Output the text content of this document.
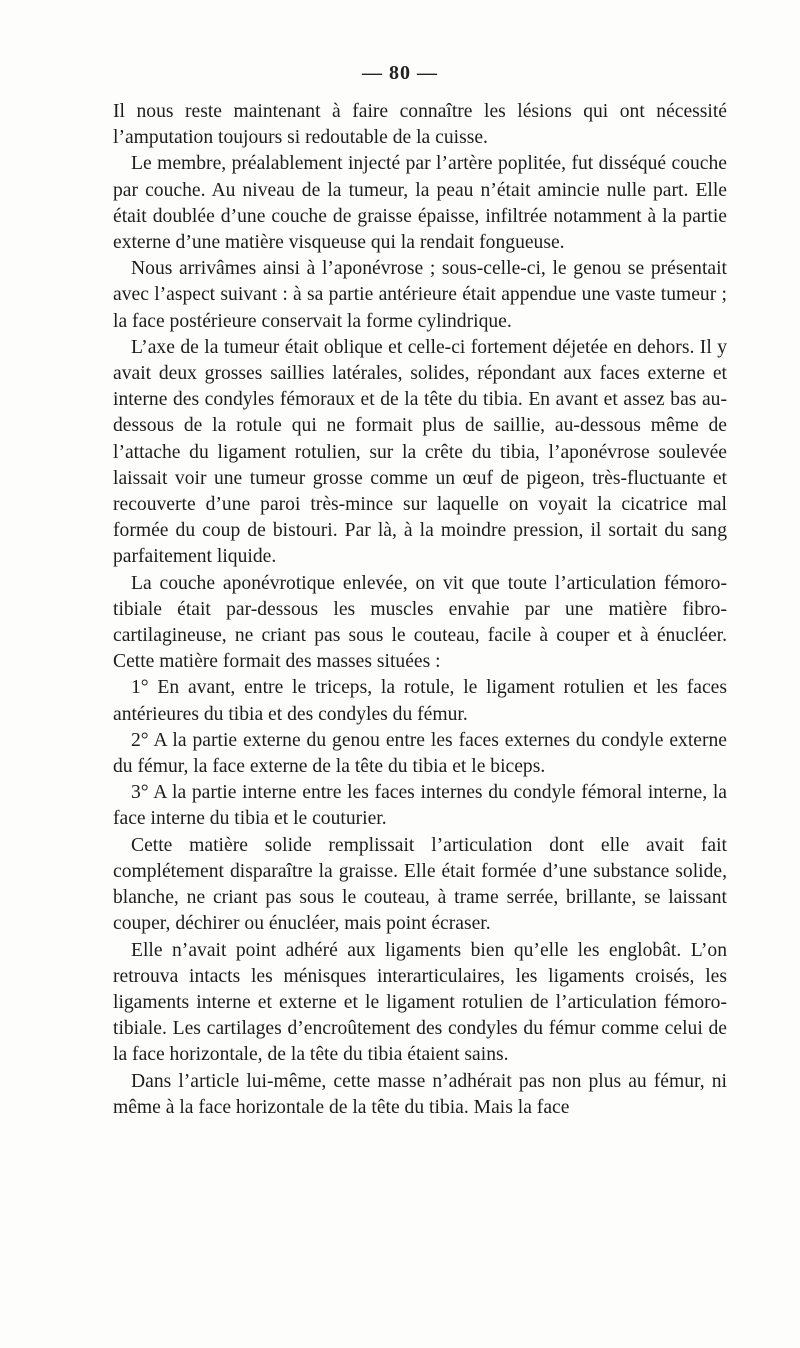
— 80 —

Il nous reste maintenant à faire connaître les lésions qui ont nécessité l’amputation toujours si redoutable de la cuisse.

Le membre, préalablement injecté par l’artère poplitée, fut disséqué couche par couche. Au niveau de la tumeur, la peau n’était amincie nulle part. Elle était doublée d’une couche de graisse épaisse, infiltrée notamment à la partie externe d’une matière visqueuse qui la rendait fongueuse.

Nous arrivâmes ainsi à l’aponévrose ; sous-celle-ci, le genou se présentait avec l’aspect suivant : à sa partie antérieure était appendue une vaste tumeur ; la face postérieure conservait la forme cylindrique.

L’axe de la tumeur était oblique et celle-ci fortement déjetée en dehors. Il y avait deux grosses saillies latérales, solides, répondant aux faces externe et interne des condyles fémoraux et de la tête du tibia. En avant et assez bas au-dessous de la rotule qui ne formait plus de saillie, au-dessous même de l’attache du ligament rotulien, sur la crête du tibia, l’aponévrose soulevée laissait voir une tumeur grosse comme un œuf de pigeon, très-fluctuante et recouverte d’une paroi très-mince sur laquelle on voyait la cicatrice mal formée du coup de bistouri. Par là, à la moindre pression, il sortait du sang parfaitement liquide.

La couche aponévrotique enlevée, on vit que toute l’articulation fémoro-tibiale était par-dessous les muscles envahie par une matière fibro-cartilagineuse, ne criant pas sous le couteau, facile à couper et à énucléer. Cette matière formait des masses situées :

1° En avant, entre le triceps, la rotule, le ligament rotulien et les faces antérieures du tibia et des condyles du fémur.

2° A la partie externe du genou entre les faces externes du condyle externe du fémur, la face externe de la tête du tibia et le biceps.

3° A la partie interne entre les faces internes du condyle fémoral interne, la face interne du tibia et le couturier.

Cette matière solide remplissait l’articulation dont elle avait fait complétement disparaître la graisse. Elle était formée d’une substance solide, blanche, ne criant pas sous le couteau, à trame serrée, brillante, se laissant couper, déchirer ou énucléer, mais point écraser.

Elle n’avait point adhéré aux ligaments bien qu’elle les englobât. L’on retrouva intacts les ménisques interarticulaires, les ligaments croisés, les ligaments interne et externe et le ligament rotulien de l’articulation fémoro-tibiale. Les cartilages d’encroûtement des condyles du fémur comme celui de la face horizontale, de la tête du tibia étaient sains.

Dans l’article lui-même, cette masse n’adhérait pas non plus au fémur, ni même à la face horizontale de la tête du tibia. Mais la face
